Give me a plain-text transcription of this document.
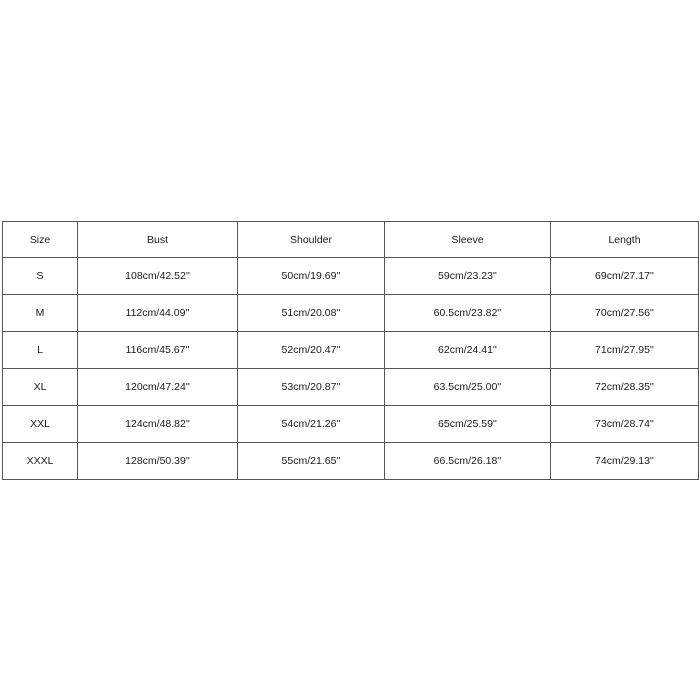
Size	Bust	Shoulder	Sleeve	Length
S	108cm/42.52''	50cm/19.69''	59cm/23.23''	69cm/27.17''
M	112cm/44.09''	51cm/20.08''	60.5cm/23.82''	70cm/27.56''
L	116cm/45.67''	52cm/20.47''	62cm/24.41''	71cm/27.95''
XL	120cm/47.24''	53cm/20.87''	63.5cm/25.00''	72cm/28.35''
XXL	124cm/48.82''	54cm/21.26''	65cm/25.59''	73cm/28.74''
XXXL	128cm/50.39''	55cm/21.65''	66.5cm/26.18''	74cm/29.13''
